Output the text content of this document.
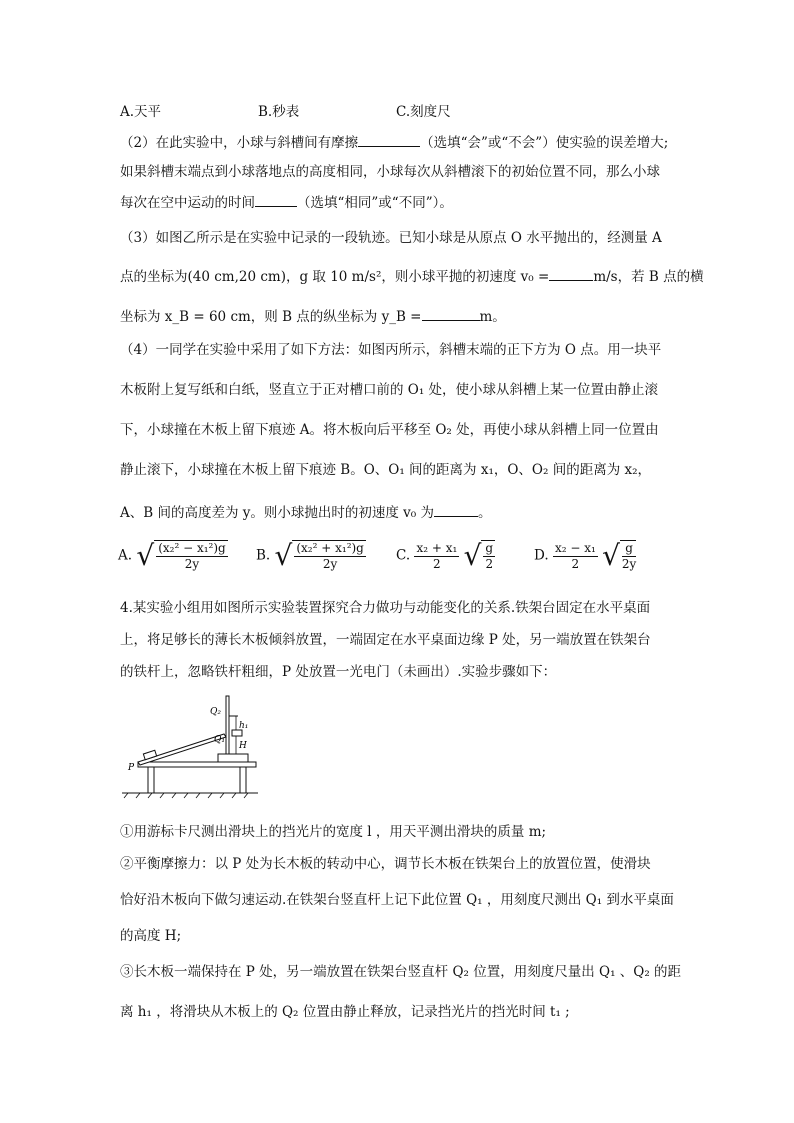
A.天平	B.秒表	C.刻度尺
（2）在此实验中，小球与斜槽间有摩擦	（选填“会”或“不会”）使实验的误差增大;
如果斜槽末端点到小球落地点的高度相同，小球每次从斜槽滚下的初始位置不同，那么小球
每次在空中运动的时间	（选填“相同”或“不同”）。
（3）如图乙所示是在实验中记录的一段轨迹。已知小球是从原点 O 水平抛出的，经测量 A
点的坐标为(40 cm,20 cm)，g 取 10 m/s²，则小球平抛的初速度 v₀ =	m/s，若 B 点的横
坐标为 x_B = 60 cm，则 B 点的纵坐标为 y_B =	m。
（4）一同学在实验中采用了如下方法：如图丙所示，斜槽末端的正下方为 O 点。用一块平
木板附上复写纸和白纸，竖直立于正对槽口前的 O₁ 处，使小球从斜槽上某一位置由静止滚
下，小球撞在木板上留下痕迹 A。将木板向后平移至 O₂ 处，再使小球从斜槽上同一位置由
静止滚下，小球撞在木板上留下痕迹 B。O、O₁ 间的距离为 x₁，O、O₂ 间的距离为 x₂，
A、B 间的高度差为 y。则小球抛出时的初速度 v₀ 为	。
A. √ $\frac{\text{(x₂² − x₁²)g}}{2y} B$. √ $\frac{\text{(x₂² + x₁²)g}}{2y} C$. $\frac{\text{x₂ + x₁}}{2}$ √ $\frac{g}{2}$	D. $\frac{\text{x₂ − x₁}}{2}$ √ $\frac{g}{2y}$
4.某实验小组用如图所示实验装置探究合力做功与动能变化的关系.铁架台固定在水平桌面
上，将足够长的薄长木板倾斜放置，一端固定在水平桌面边缘 P 处，另一端放置在铁架台
的铁杆上，忽略铁杆粗细，P 处放置一光电门（未画出）.实验步骤如下：
Q₂
Q₁
h₁
H
P
①用游标卡尺测出滑块上的挡光片的宽度 l ，用天平测出滑块的质量 m;
②平衡摩擦力：以 P 处为长木板的转动中心，调节长木板在铁架台上的放置位置，使滑块
恰好沿木板向下做匀速运动.在铁架台竖直杆上记下此位置 Q₁ ，用刻度尺测出 Q₁ 到水平桌面
的高度 H;
③长木板一端保持在 P 处，另一端放置在铁架台竖直杆 Q₂ 位置，用刻度尺量出 Q₁ 、Q₂ 的距
离 h₁ ，将滑块从木板上的 Q₂ 位置由静止释放，记录挡光片的挡光时间 t₁ ;
